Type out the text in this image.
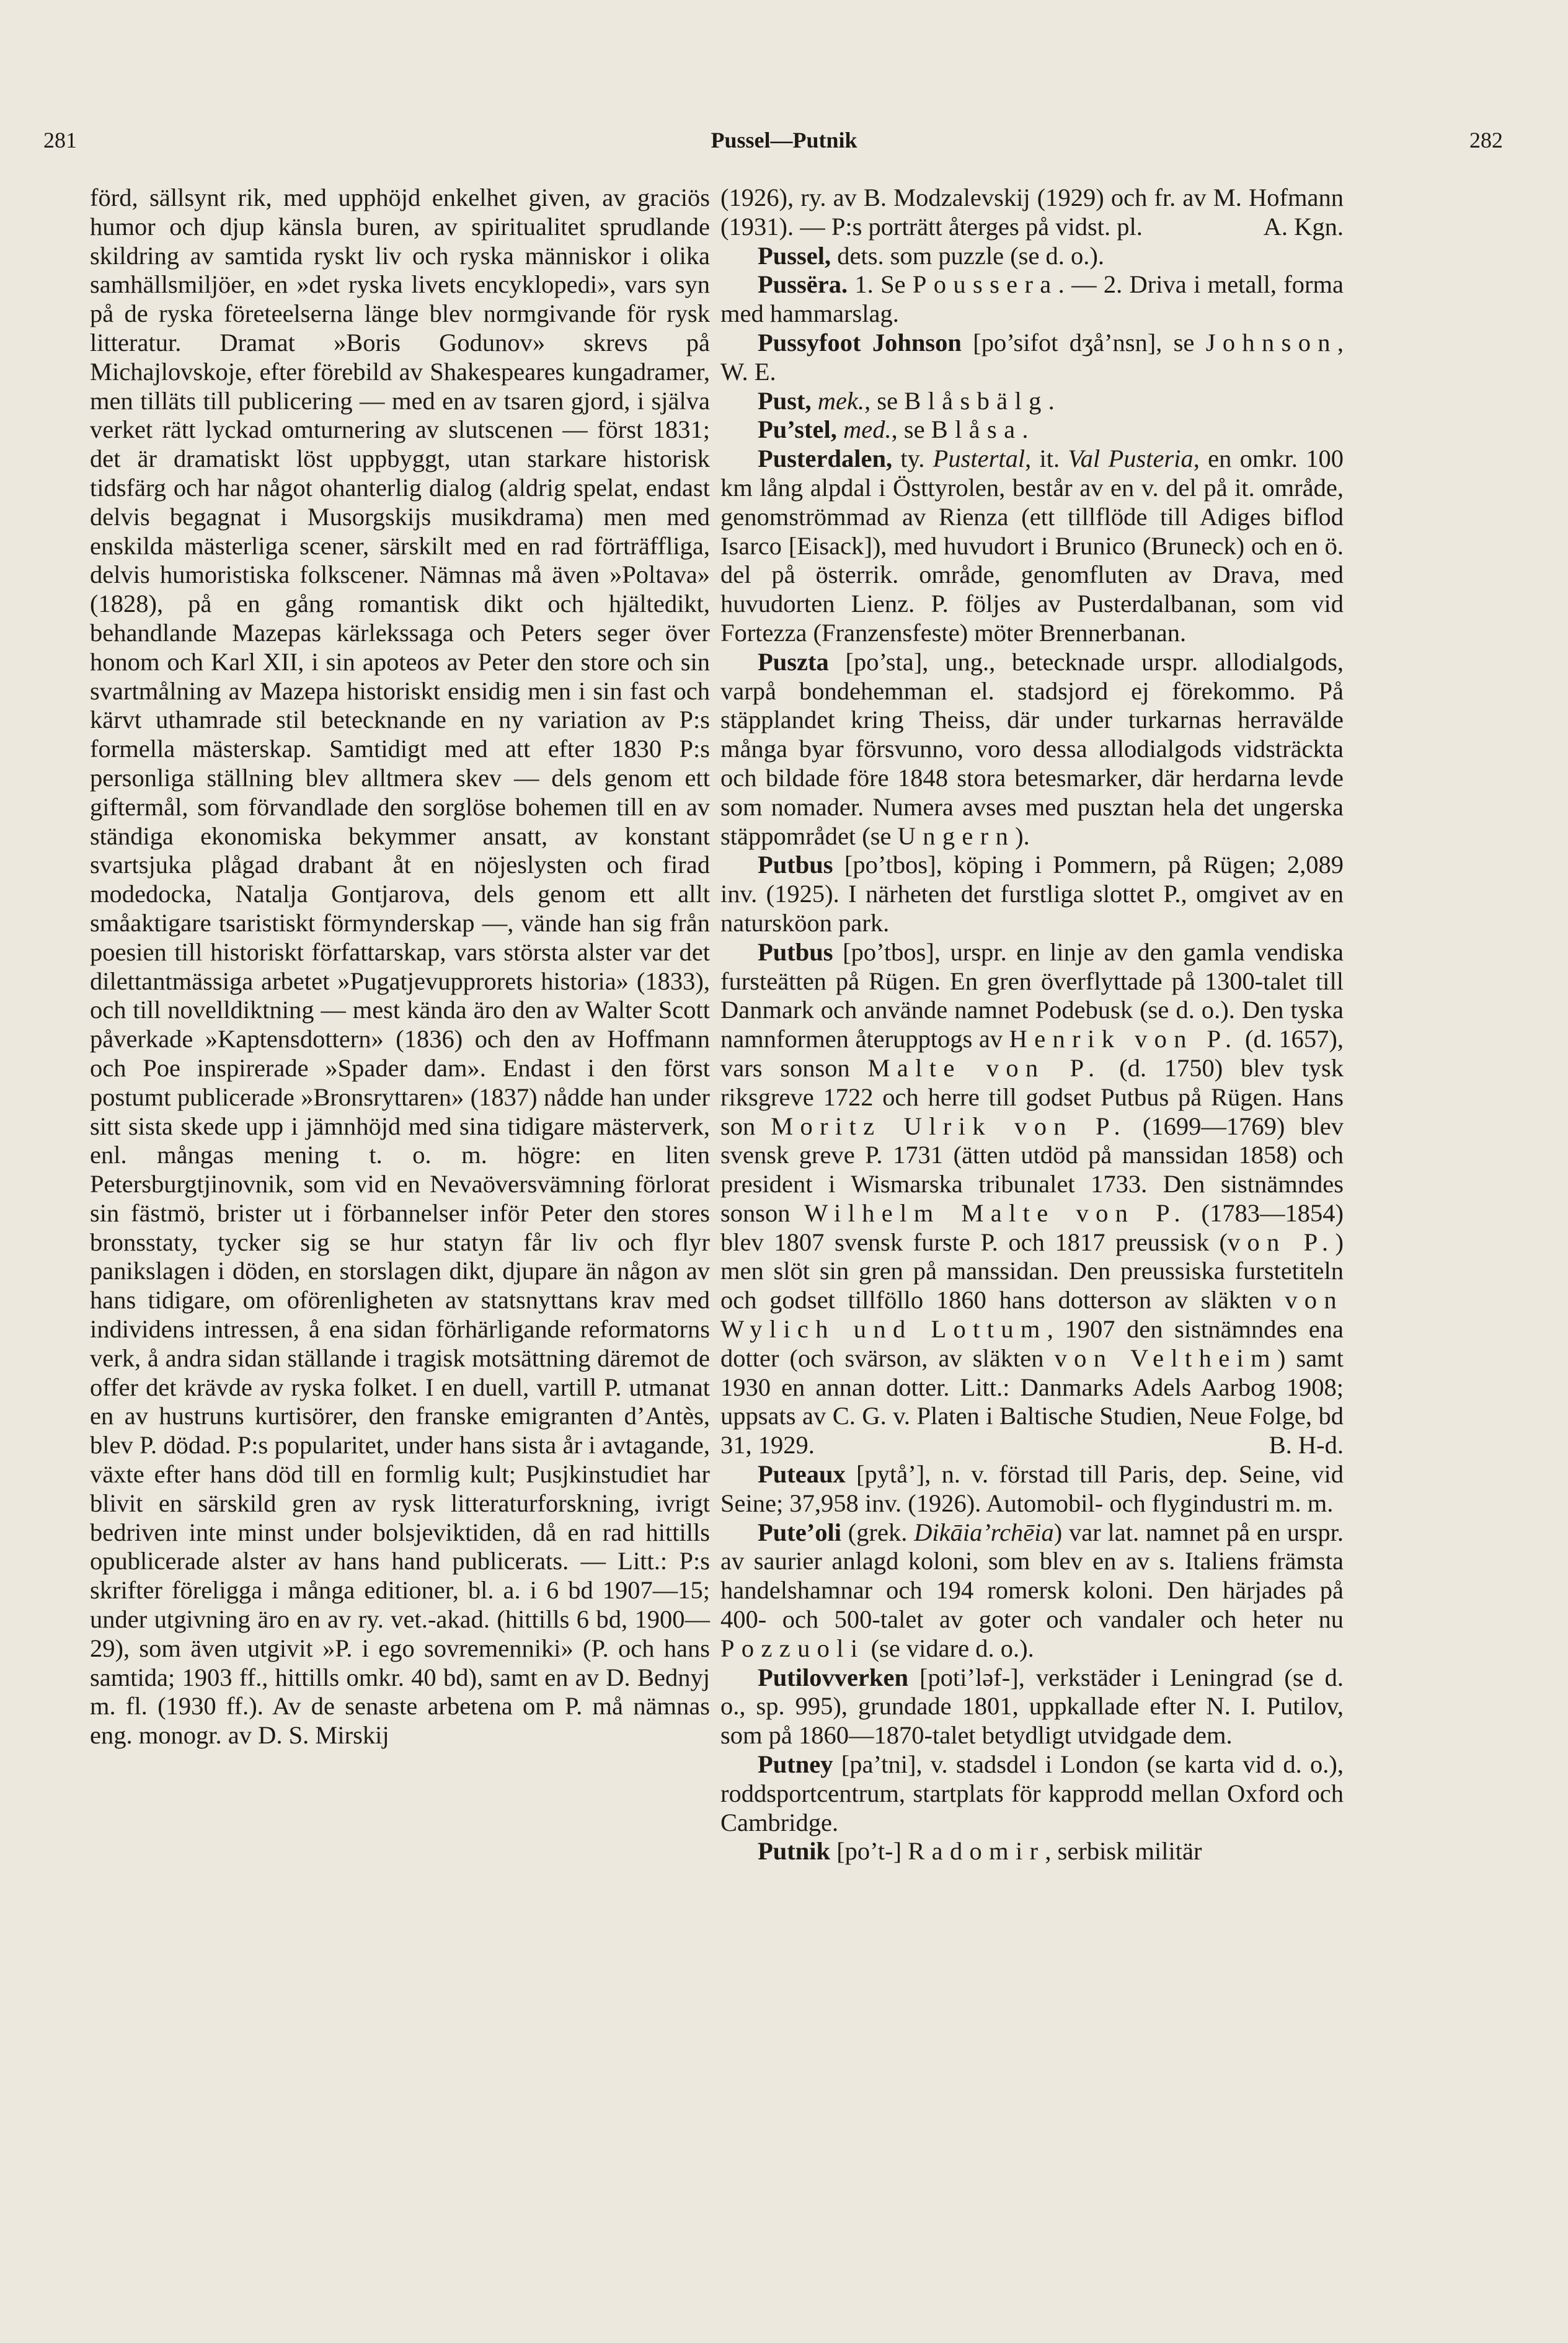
281	Pussel—Putnik	282

förd, sällsynt rik, med upphöjd enkelhet given, av graciös humor och djup känsla buren, av spiritualitet sprudlande skildring av samtida ryskt liv och ryska människor i olika samhällsmiljöer, en »det ryska livets encyklopedi», vars syn på de ryska företeelserna länge blev normgivande för rysk litteratur. Dramat »Boris Godunov» skrevs på Michajlovskoje, efter förebild av Shakespeares kungadramer, men tilläts till publicering — med en av tsaren gjord, i själva verket rätt lyckad omturnering av slutscenen — först 1831; det är dramatiskt löst uppbyggt, utan starkare historisk tidsfärg och har något ohanterlig dialog (aldrig spelat, endast delvis begagnat i Musorgskijs musikdrama) men med enskilda mästerliga scener, särskilt med en rad förträffliga, delvis humoristiska folkscener. Nämnas må även »Poltava» (1828), på en gång romantisk dikt och hjältedikt, behandlande Mazepas kärlekssaga och Peters seger över honom och Karl XII, i sin apoteos av Peter den store och sin svartmålning av Mazepa historiskt ensidig men i sin fast och kärvt uthamrade stil betecknande en ny variation av P:s formella mästerskap. Samtidigt med att efter 1830 P:s personliga ställning blev alltmera skev — dels genom ett giftermål, som förvandlade den sorglöse bohemen till en av ständiga ekonomiska bekymmer ansatt, av konstant svartsjuka plågad drabant åt en nöjeslysten och firad modedocka, Natalja Gontjarova, dels genom ett allt småaktigare tsaristiskt förmynderskap —, vände han sig från poesien till historiskt författarskap, vars största alster var det dilettantmässiga arbetet »Pugatjevupprorets historia» (1833), och till novelldiktning — mest kända äro den av Walter Scott påverkade »Kaptensdottern» (1836) och den av Hoffmann och Poe inspirerade »Spader dam». Endast i den först postumt publicerade »Bronsryttaren» (1837) nådde han under sitt sista skede upp i jämnhöjd med sina tidigare mästerverk, enl. mångas mening t. o. m. högre: en liten Petersburgtjinovnik, som vid en Nevaöversvämning förlorat sin fästmö, brister ut i förbannelser inför Peter den stores bronsstaty, tycker sig se hur statyn får liv och flyr panikslagen i döden, en storslagen dikt, djupare än någon av hans tidigare, om oförenligheten av statsnyttans krav med individens intressen, å ena sidan förhärligande reformatorns verk, å andra sidan ställande i tragisk motsättning däremot de offer det krävde av ryska folket. I en duell, vartill P. utmanat en av hustruns kurtisörer, den franske emigranten d’Antès, blev P. dödad. P:s popularitet, under hans sista år i avtagande, växte efter hans död till en formlig kult; Pusjkinstudiet har blivit en särskild gren av rysk litteraturforskning, ivrigt bedriven inte minst under bolsjeviktiden, då en rad hittills opublicerade alster av hans hand publicerats. — Litt.: P:s skrifter föreligga i många editioner, bl. a. i 6 bd 1907—15; under utgivning äro en av ry. vet.-akad. (hittills 6 bd, 1900—29), som även utgivit »P. i ego sovremenniki» (P. och hans samtida; 1903 ff., hittills omkr. 40 bd), samt en av D. Bednyj m. fl. (1930 ff.). Av de senaste arbetena om P. må nämnas eng. monogr. av D. S. Mirskij

(1926), ry. av B. Modzalevskij (1929) och fr. av M. Hofmann (1931). — P:s porträtt återges på vidst. pl.	A. Kgn.

Pussel, dets. som puzzle (se d. o.).

Pussëra. 1. Se Poussera. — 2. Driva i metall, forma med hammarslag.

Pussyfoot Johnson [po’sifot dʒå’nsn], se Johnson, W. E.

Pust, mek., se Blåsbälg.

Pu’stel, med., se Blåsa.

Pusterdalen, ty. Pustertal, it. Val Pusteria, en omkr. 100 km lång alpdal i Östtyrolen, består av en v. del på it. område, genomströmmad av Rienza (ett tillflöde till Adiges biflod Isarco [Eisack]), med huvudort i Brunico (Bruneck) och en ö. del på österrik. område, genomfluten av Drava, med huvudorten Lienz. P. följes av Pusterdalbanan, som vid Fortezza (Franzensfeste) möter Brennerbanan.

Puszta [po’sta], ung., betecknade urspr. allodialgods, varpå bondehemman el. stadsjord ej förekommo. På stäpplandet kring Theiss, där under turkarnas herravälde många byar försvunno, voro dessa allodialgods vidsträckta och bildade före 1848 stora betesmarker, där herdarna levde som nomader. Numera avses med pusztan hela det ungerska stäppområdet (se Ungern).

Putbus [po’tbos], köping i Pommern, på Rügen; 2,089 inv. (1925). I närheten det furstliga slottet P., omgivet av en natursköon park.

Putbus [po’tbos], urspr. en linje av den gamla vendiska fursteätten på Rügen. En gren överflyttade på 1300-talet till Danmark och använde namnet Podebusk (se d. o.). Den tyska namnformen återupptogs av Henrik von P. (d. 1657), vars sonson Malte von P. (d. 1750) blev tysk riksgreve 1722 och herre till godset Putbus på Rügen. Hans son Moritz Ulrik von P. (1699—1769) blev svensk greve P. 1731 (ätten utdöd på manssidan 1858) och president i Wismarska tribunalet 1733. Den sistnämndes sonson Wilhelm Malte von P. (1783—1854) blev 1807 svensk furste P. och 1817 preussisk (von P.) men slöt sin gren på manssidan. Den preussiska furstetiteln och godset tillföllo 1860 hans dotterson av släkten von Wylich und Lottum, 1907 den sistnämndes ena dotter (och svärson, av släkten von Veltheim) samt 1930 en annan dotter. Litt.: Danmarks Adels Aarbog 1908; uppsats av C. G. v. Platen i Baltische Studien, Neue Folge, bd 31, 1929.	B. H-d.

Puteaux [pytå’], n. v. förstad till Paris, dep. Seine, vid Seine; 37,958 inv. (1926). Automobil- och flygindustri m. m.

Pute’oli (grek. Dikāia’rchēia) var lat. namnet på en urspr. av saurier anlagd koloni, som blev en av s. Italiens främsta handelshamnar och 194 romersk koloni. Den härjades på 400- och 500-talet av goter och vandaler och heter nu Pozzuoli (se vidare d. o.).

Putilovverken [poti’ləf-], verkstäder i Leningrad (se d. o., sp. 995), grundade 1801, uppkallade efter N. I. Putilov, som på 1860—1870-talet betydligt utvidgade dem.

Putney [pa’tni], v. stadsdel i London (se karta vid d. o.), roddsportcentrum, startplats för kapprodd mellan Oxford och Cambridge.

Putnik [po’t-] Radomir, serbisk militär
